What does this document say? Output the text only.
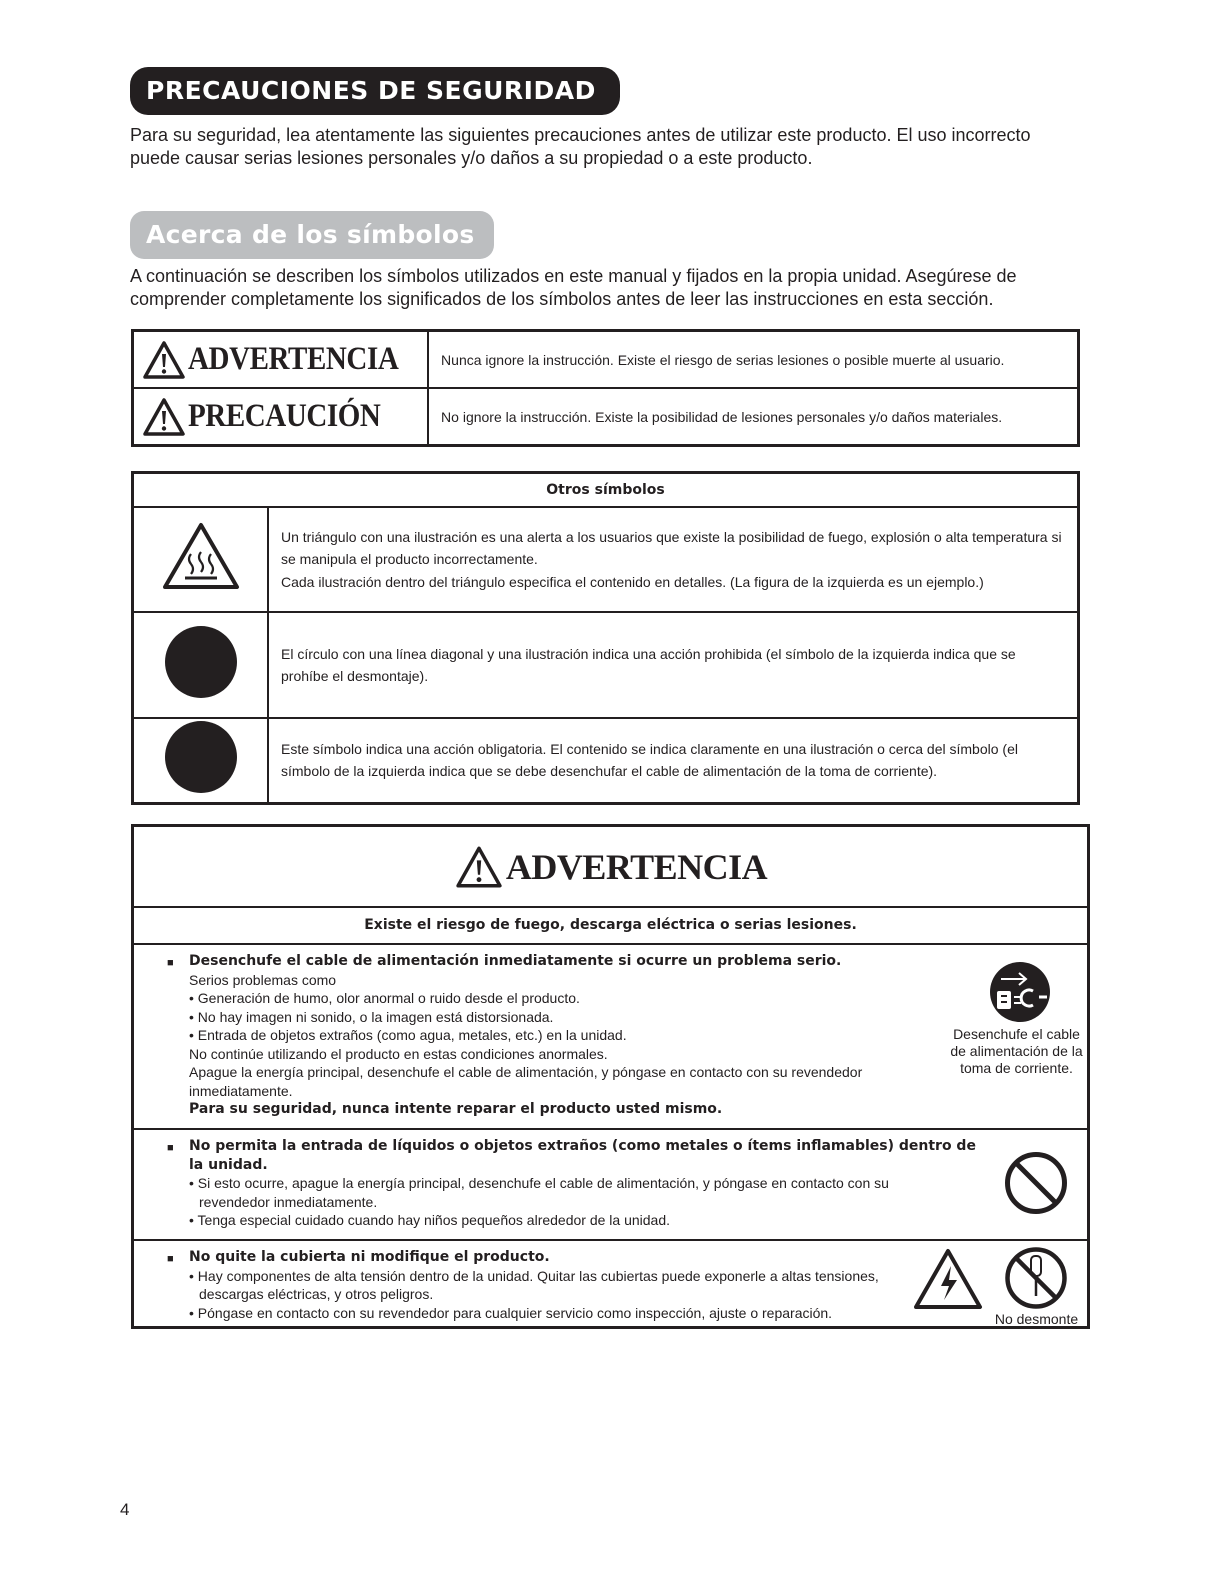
PRECAUCIONES DE SEGURIDAD

Para su seguridad, lea atentamente las siguientes precauciones antes de utilizar este producto. El uso incorrecto puede causar serias lesiones personales y/o daños a su propiedad o a este producto.

Acerca de los símbolos

A continuación se describen los símbolos utilizados en este manual y fijados en la propia unidad. Asegúrese de comprender completamente los significados de los símbolos antes de leer las instrucciones en esta sección.

ADVERTENCIA	Nunca ignore la instrucción. Existe el riesgo de serias lesiones o posible muerte al usuario.
PRECAUCIÓN	No ignore la instrucción. Existe la posibilidad de lesiones personales y/o daños materiales.
Otros símbolos	

Un triángulo con una ilustración es una alerta a los usuarios que existe la posibilidad de fuego, explosión o alta temperatura si se manipula el producto incorrectamente.

Cada ilustración dentro del triángulo especifica el contenido en detalles. (La figura de la izquierda es un ejemplo.)

El círculo con una línea diagonal y una ilustración indica una acción prohibida (el símbolo de la izquierda indica que se prohíbe el desmontaje).

Este símbolo indica una acción obligatoria. El contenido se indica claramente en una ilustración o cerca del símbolo (el símbolo de la izquierda indica que se debe desenchufar el cable de alimentación de la toma de corriente).

ADVERTENCIA
Existe el riesgo de fuego, descarga eléctrica o serias lesiones.
■ Desenchufe el cable de alimentación inmediatamente si ocurre un problema serio.

Serios problemas como

• Generación de humo, olor anormal o ruido desde el producto.

• No hay imagen ni sonido, o la imagen está distorsionada.

• Entrada de objetos extraños (como agua, metales, etc.) en la unidad.

No continúe utilizando el producto en estas condiciones anormales.

Apague la energía principal, desenchufe el cable de alimentación, y póngase en contacto con su revendedor inmediatamente.

Para su seguridad, nunca intente reparar el producto usted mismo.

Desenchufe el cable de alimentación de la toma de corriente.
■ No permita la entrada de líquidos o objetos extraños (como metales o ítems inflamables) dentro de la unidad.

• Si esto ocurre, apague la energía principal, desenchufe el cable de alimentación, y póngase en contacto con su revendedor inmediatamente.

• Tenga especial cuidado cuando hay niños pequeños alrededor de la unidad.

■ No quite la cubierta ni modifique el producto.

• Hay componentes de alta tensión dentro de la unidad. Quitar las cubiertas puede exponerle a altas tensiones, descargas eléctricas, y otros peligros.

• Póngase en contacto con su revendedor para cualquier servicio como inspección, ajuste o reparación.	No desmonte
4
